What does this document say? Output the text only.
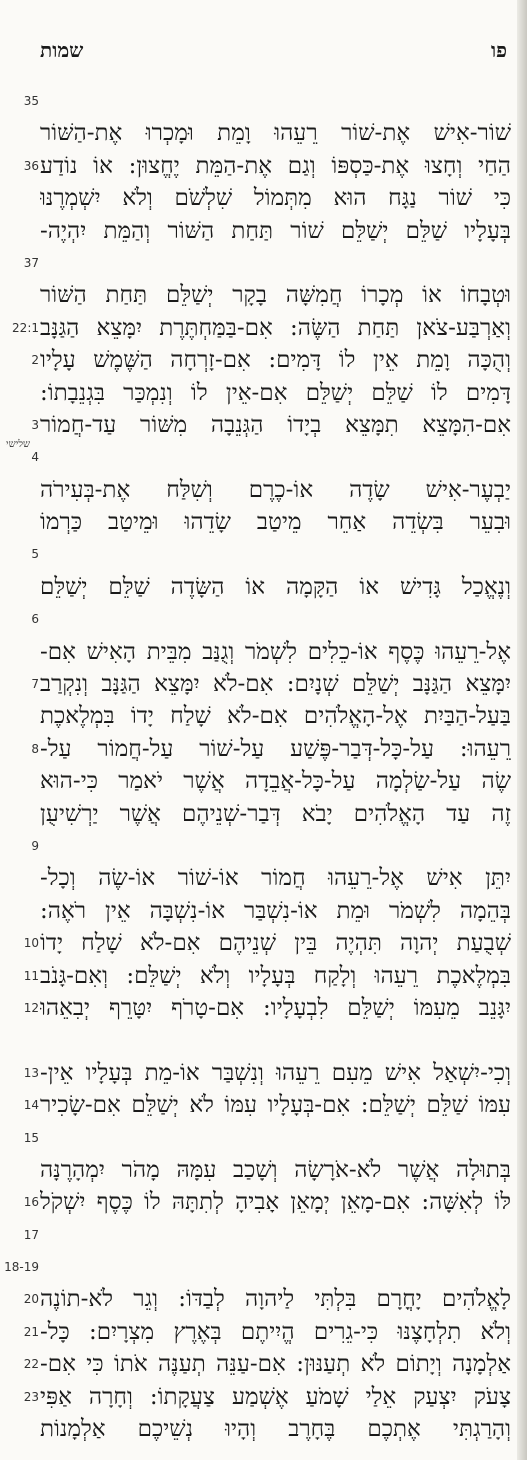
פו
שמות
35
שׁוֹר-אִישׁ אֶת-שׁוֹר רֵעֵהוּ וָמֵת וּמָכְרוּ אֶת-הַשּׁוֹר
36 הַחַי וְחָצוּ אֶת-כַּסְפּוֹ וְגַם אֶת-הַמֵּת יֶחֱצוּן: אוֹ נוֹדַע
כִּי שׁוֹר נַגָּח הוּא מִתְּמוֹל שִׁלְשֹׁם וְלֹא יִשְׁמְרֶנּוּ
בְּעָלָיו שַׁלֵּם יְשַׁלֵּם שׁוֹר תַּחַת הַשּׁוֹר וְהַמֵּת יִהְיֶה-
37
וּטְבָחוֹ אוֹ מְכָרוֹ חֲמִשָּׁה בָקָר יְשַׁלֵּם תַּחַת הַשּׁוֹר
22:1 וְאַרְבַּע-צֹאן תַּחַת הַשֶּׂה: אִם-בַּמַּחְתֶּרֶת יִמָּצֵא הַגַּנָּב
2 וְהֻכָּה וָמֵת אֵין לוֹ דָּמִים: אִם-זָרְחָה הַשֶּׁמֶשׁ עָלָיו
דָּמִים לוֹ שַׁלֵּם יְשַׁלֵּם אִם-אֵין לוֹ וְנִמְכַּר בִּגְנֵבָתוֹ:
3 אִם-הִמָּצֵא תִמָּצֵא בְיָדוֹ הַגְּנֵבָה מִשּׁוֹר עַד-חֲמוֹר
4
שלישי
יַבְעֶר-אִישׁ שָׂדֶה אוֹ-כֶרֶם וְשִׁלַּח אֶת-בְּעִירֹה
וּבִעֵר בִּשְׂדֵה אַחֵר מֵיטַב שָׂדֵהוּ וּמֵיטַב כַּרְמוֹ
5
וְנֶאֱכַל גָּדִישׁ אוֹ הַקָּמָה אוֹ הַשָּׂדֶה שַׁלֵּם יְשַׁלֵּם
6
אֶל-רֵעֵהוּ כֶּסֶף אוֹ-כֵלִים לִשְׁמֹר וְגֻנַּב מִבֵּית הָאִישׁ אִם-
7 יִמָּצֵא הַגַּנָּב יְשַׁלֵּם שְׁנָיִם: אִם-לֹא יִמָּצֵא הַגַּנָּב וְנִקְרַב
בַּעַל-הַבַּיִת אֶל-הָאֱלֹהִים אִם-לֹא שָׁלַח יָדוֹ בִּמְלֶאכֶת
8 רֵעֵהוּ: עַל-כָּל-דְּבַר-פֶּשַׁע עַל-שׁוֹר עַל-חֲמוֹר עַל-
שֶׂה עַל-שַׂלְמָה עַל-כָּל-אֲבֵדָה אֲשֶׁר יֹאמַר כִּי-הוּא
זֶה עַד הָאֱלֹהִים יָבֹא דְּבַר-שְׁנֵיהֶם אֲשֶׁר יַרְשִׁיעֻן
9
יִתֵּן אִישׁ אֶל-רֵעֵהוּ חֲמוֹר אוֹ-שׁוֹר אוֹ-שֶׂה וְכָל-
בְּהֵמָה לִשְׁמֹר וּמֵת אוֹ-נִשְׁבַּר אוֹ-נִשְׁבָּה אֵין רֹאֶה:
10 שְׁבֻעַת יְהוָה תִּהְיֶה בֵּין שְׁנֵיהֶם אִם-לֹא שָׁלַח יָדוֹ
11 בִּמְלֶאכֶת רֵעֵהוּ וְלָקַח בְּעָלָיו וְלֹא יְשַׁלֵּם: וְאִם-גָּנֹב
12 יִגָּנֵב מֵעִמּוֹ יְשַׁלֵּם לִבְעָלָיו: אִם-טָרֹף יִטָּרֵף יְבִאֵהוּ
13 וְכִי-יִשְׁאַל אִישׁ מֵעִם רֵעֵהוּ וְנִשְׁבַּר אוֹ-מֵת בְּעָלָיו אֵין-
14 עִמּוֹ שַׁלֵּם יְשַׁלֵּם: אִם-בְּעָלָיו עִמּוֹ לֹא יְשַׁלֵּם אִם-שָׂכִיר
15
בְּתוּלָה אֲשֶׁר לֹא-אֹרָשָׂה וְשָׁכַב עִמָּהּ מָהֹר יִמְהָרֶנָּה
16 לּוֹ לְאִשָּׁה: אִם-מָאֵן יְמָאֵן אָבִיהָ לְתִתָּהּ לוֹ כֶּסֶף יִשְׁקֹל
17
18-19
20 לָאֱלֹהִים יָחֳרָם בִּלְתִּי לַיהוָה לְבַדּוֹ: וְגֵר לֹא-תוֹנֶה
21 וְלֹא תִלְחָצֶנּוּ כִּי-גֵרִים הֱיִיתֶם בְּאֶרֶץ מִצְרָיִם: כָּל-
22 אַלְמָנָה וְיָתוֹם לֹא תְעַנּוּן: אִם-עַנֵּה תְעַנֶּה אֹתוֹ כִּי אִם-
23 צָעֹק יִצְעַק אֵלַי שָׁמֹעַ אֶשְׁמַע צַעֲקָתוֹ: וְחָרָה אַפִּי
וְהָרַגְתִּי אֶתְכֶם בֶּחָרֶב וְהָיוּ נְשֵׁיכֶם אַלְמָנוֹת
